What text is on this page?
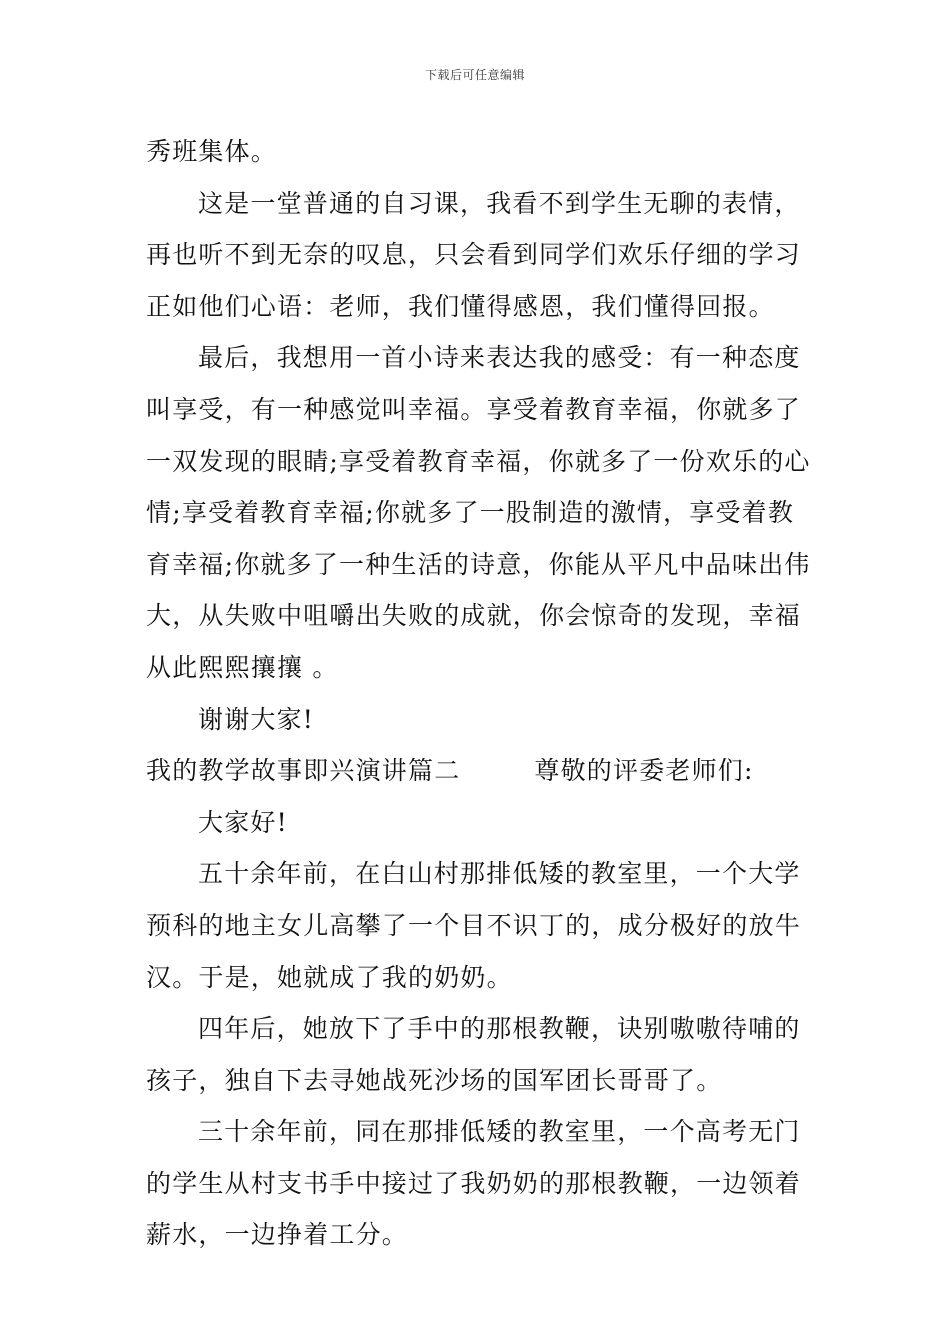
下载后可任意编辑
秀班集体。
这是一堂普通的自习课，我看不到学生无聊的表情，
再也听不到无奈的叹息，只会看到同学们欢乐仔细的学习
正如他们心语：老师，我们懂得感恩，我们懂得回报。
最后，我想用一首小诗来表达我的感受：有一种态度
叫享受，有一种感觉叫幸福。享受着教育幸福，你就多了
一双发现的眼睛;享受着教育幸福，你就多了一份欢乐的心
情;享受着教育幸福;你就多了一股制造的激情，享受着教
育幸福;你就多了一种生活的诗意，你能从平凡中品味出伟
大，从失败中咀嚼出失败的成就，你会惊奇的发现，幸福
从此熙熙攘攘 。
谢谢大家!
我的教学故事即兴演讲篇二	尊敬的评委老师们:
大家好!
五十余年前，在白山村那排低矮的教室里，一个大学
预科的地主女儿高攀了一个目不识丁的，成分极好的放牛
汉。于是，她就成了我的奶奶。
四年后，她放下了手中的那根教鞭，诀别嗷嗷待哺的
孩子，独自下去寻她战死沙场的国军团长哥哥了。
三十余年前，同在那排低矮的教室里，一个高考无门
的学生从村支书手中接过了我奶奶的那根教鞭，一边领着
薪水，一边挣着工分。
